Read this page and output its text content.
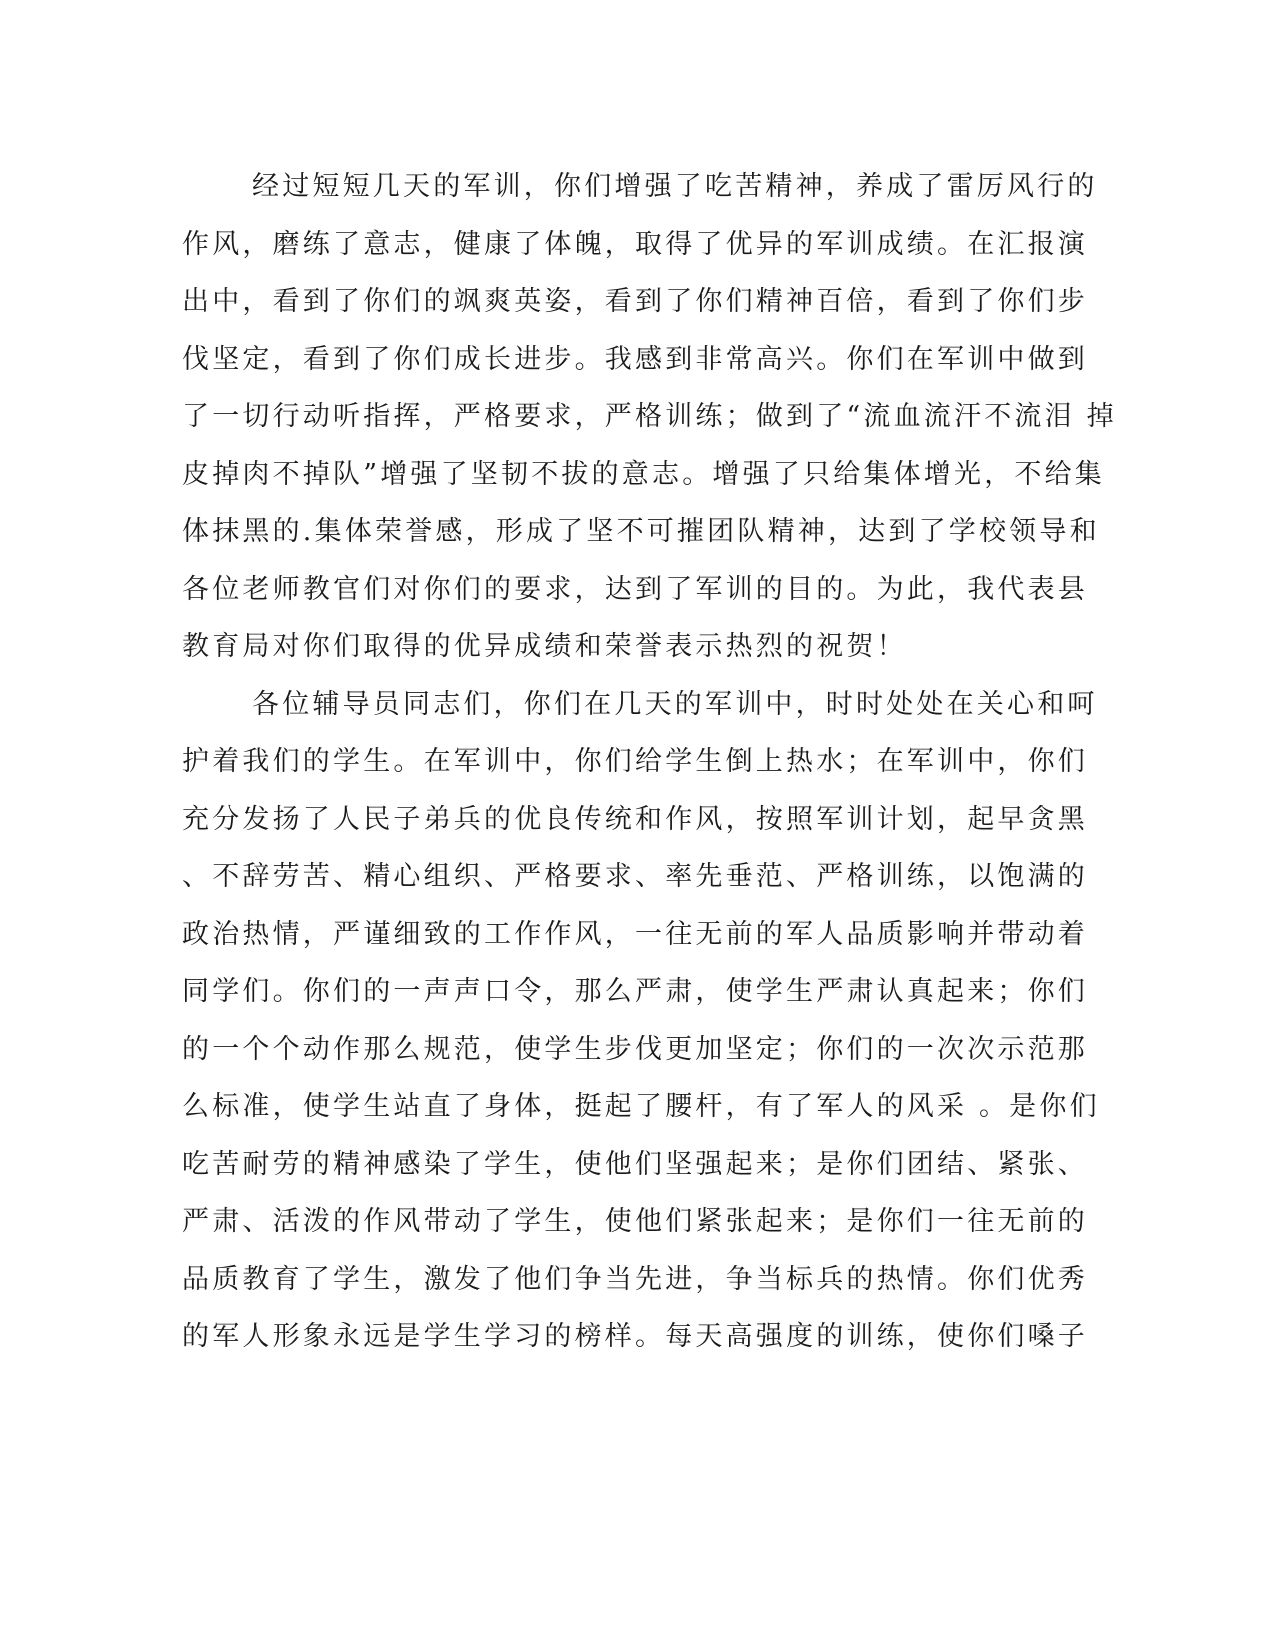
经过短短几天的军训，你们增强了吃苦精神，养成了雷厉风行的
作风，磨练了意志，健康了体魄，取得了优异的军训成绩。在汇报演
出中，看到了你们的飒爽英姿，看到了你们精神百倍，看到了你们步
伐坚定，看到了你们成长进步。我感到非常高兴。你们在军训中做到
了一切行动听指挥，严格要求，严格训练；做到了“流血流汗不流泪 掉
皮掉肉不掉队”增强了坚韧不拔的意志。增强了只给集体增光，不给集
体抹黑的.集体荣誉感，形成了坚不可摧团队精神，达到了学校领导和
各位老师教官们对你们的要求，达到了军训的目的。为此，我代表县
教育局对你们取得的优异成绩和荣誉表示热烈的祝贺！
各位辅导员同志们，你们在几天的军训中，时时处处在关心和呵
护着我们的学生。在军训中，你们给学生倒上热水；在军训中，你们
充分发扬了人民子弟兵的优良传统和作风，按照军训计划，起早贪黑
、不辞劳苦、精心组织、严格要求、率先垂范、严格训练，以饱满的
政治热情，严谨细致的工作作风，一往无前的军人品质影响并带动着
同学们。你们的一声声口令，那么严肃，使学生严肃认真起来；你们
的一个个动作那么规范，使学生步伐更加坚定；你们的一次次示范那
么标准，使学生站直了身体，挺起了腰杆，有了军人的风采 。是你们
吃苦耐劳的精神感染了学生，使他们坚强起来；是你们团结、紧张、
严肃、活泼的作风带动了学生，使他们紧张起来；是你们一往无前的
品质教育了学生，激发了他们争当先进，争当标兵的热情。你们优秀
的军人形象永远是学生学习的榜样。每天高强度的训练，使你们嗓子
